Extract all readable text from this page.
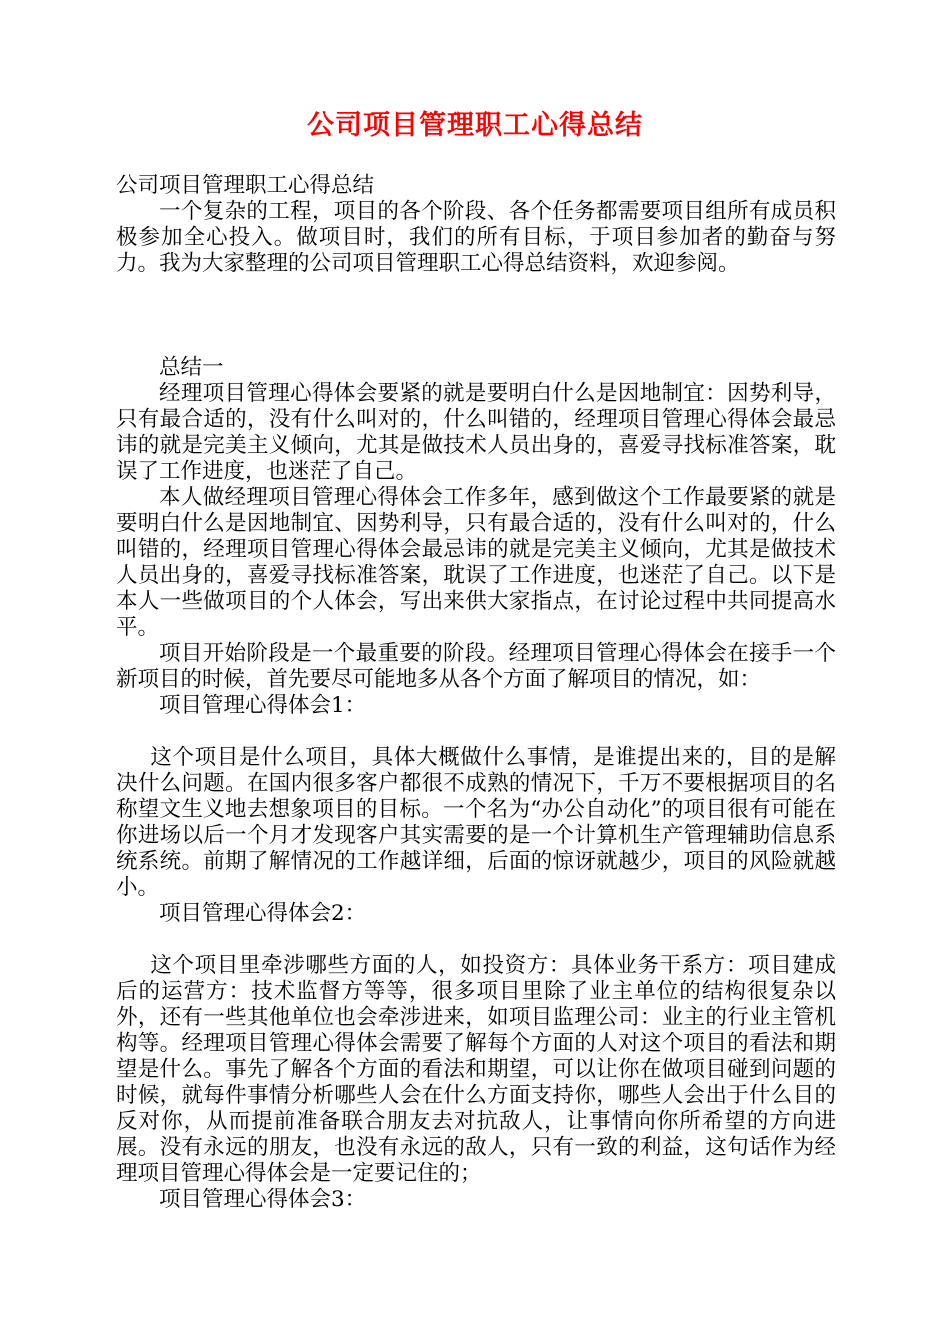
公司项目管理职工心得总结

公司项目管理职工心得总结

一个复杂的工程，项目的各个阶段、各个任务都需要项目组所有成员积极参加全心投入。做项目时，我们的所有目标，于项目参加者的勤奋与努力。我为大家整理的公司项目管理职工心得总结资料，欢迎参阅。

总结一

经理项目管理心得体会要紧的就是要明白什么是因地制宜：因势利导，只有最合适的，没有什么叫对的，什么叫错的，经理项目管理心得体会最忌讳的就是完美主义倾向，尤其是做技术人员出身的，喜爱寻找标准答案，耽误了工作进度，也迷茫了自己。

本人做经理项目管理心得体会工作多年，感到做这个工作最要紧的就是要明白什么是因地制宜、因势利导，只有最合适的，没有什么叫对的，什么叫错的，经理项目管理心得体会最忌讳的就是完美主义倾向，尤其是做技术人员出身的，喜爱寻找标准答案，耽误了工作进度，也迷茫了自己。以下是本人一些做项目的个人体会，写出来供大家指点，在讨论过程中共同提高水平。

项目开始阶段是一个最重要的阶段。经理项目管理心得体会在接手一个新项目的时候，首先要尽可能地多从各个方面了解项目的情况，如：

项目管理心得体会1：

这个项目是什么项目，具体大概做什么事情，是谁提出来的，目的是解决什么问题。在国内很多客户都很不成熟的情况下，千万不要根据项目的名称望文生义地去想象项目的目标。一个名为“办公自动化”的项目很有可能在你进场以后一个月才发现客户其实需要的是一个计算机生产管理辅助信息系统系统。前期了解情况的工作越详细，后面的惊讶就越少，项目的风险就越小。

项目管理心得体会2：

这个项目里牵涉哪些方面的人，如投资方：具体业务干系方：项目建成后的运营方：技术监督方等等，很多项目里除了业主单位的结构很复杂以外，还有一些其他单位也会牵涉进来，如项目监理公司：业主的行业主管机构等。经理项目管理心得体会需要了解每个方面的人对这个项目的看法和期望是什么。事先了解各个方面的看法和期望，可以让你在做项目碰到问题的时候，就每件事情分析哪些人会在什么方面支持你，哪些人会出于什么目的反对你，从而提前准备联合朋友去对抗敌人，让事情向你所希望的方向进展。没有永远的朋友，也没有永远的敌人，只有一致的利益，这句话作为经理项目管理心得体会是一定要记住的；

项目管理心得体会3：
